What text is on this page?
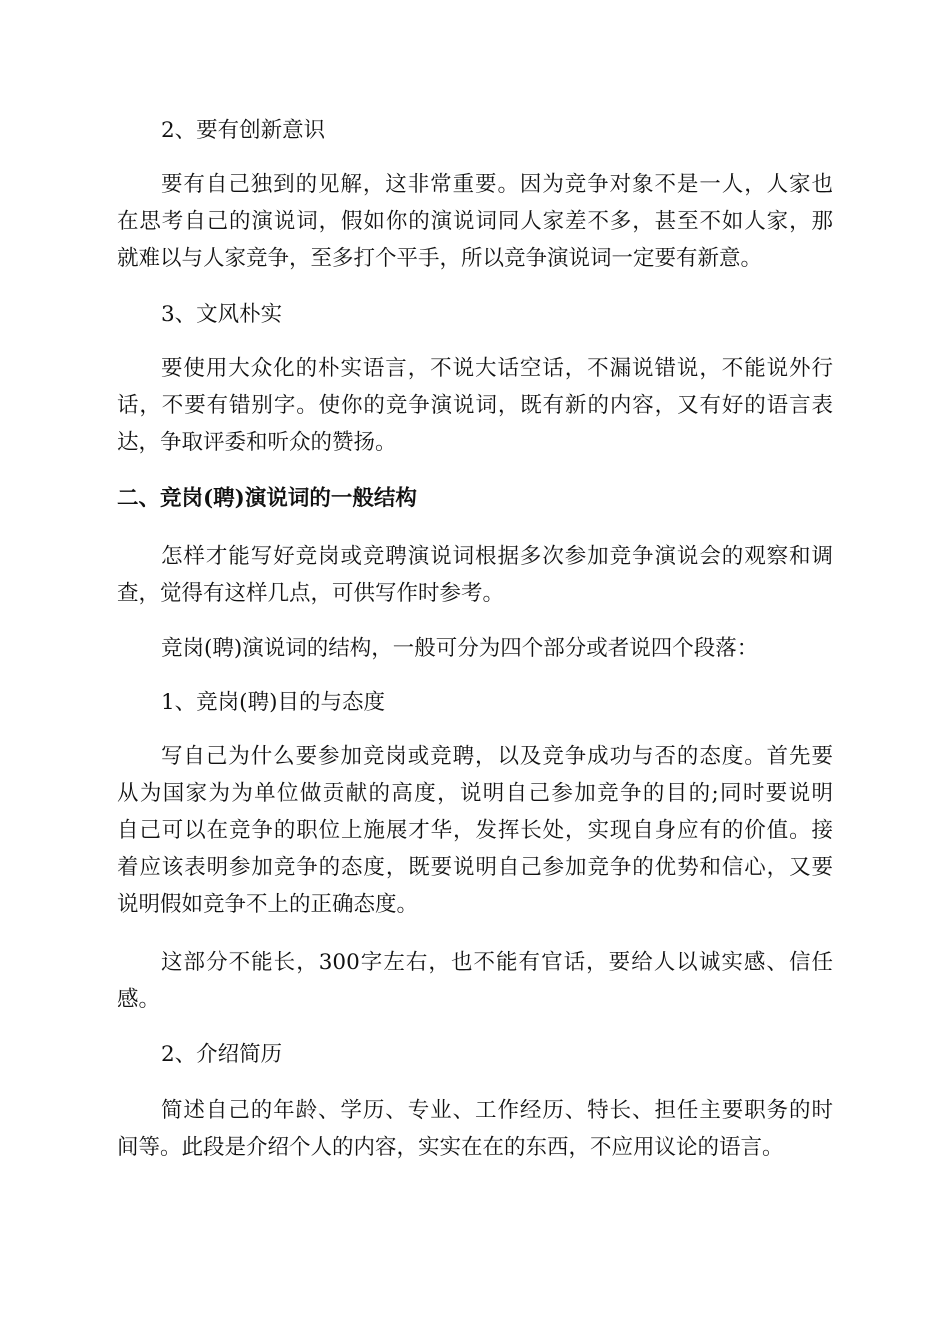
2、要有创新意识
要有自己独到的见解，这非常重要。因为竞争对象不是一人，人家也
在思考自己的演说词，假如你的演说词同人家差不多，甚至不如人家，那
就难以与人家竞争，至多打个平手，所以竞争演说词一定要有新意。
3、文风朴实
要使用大众化的朴实语言，不说大话空话，不漏说错说，不能说外行
话，不要有错别字。使你的竞争演说词，既有新的内容，又有好的语言表
达，争取评委和听众的赞扬。
二、竞岗(聘)演说词的一般结构
怎样才能写好竞岗或竞聘演说词根据多次参加竞争演说会的观察和调
查，觉得有这样几点，可供写作时参考。
竞岗(聘)演说词的结构，一般可分为四个部分或者说四个段落：
1、竞岗(聘)目的与态度
写自己为什么要参加竞岗或竞聘，以及竞争成功与否的态度。首先要
从为国家为为单位做贡献的高度，说明自己参加竞争的目的;同时要说明
自己可以在竞争的职位上施展才华，发挥长处，实现自身应有的价值。接
着应该表明参加竞争的态度，既要说明自己参加竞争的优势和信心，又要
说明假如竞争不上的正确态度。
这部分不能长，300字左右，也不能有官话，要给人以诚实感、信任
感。
2、介绍简历
简述自己的年龄、学历、专业、工作经历、特长、担任主要职务的时
间等。此段是介绍个人的内容，实实在在的东西，不应用议论的语言。
